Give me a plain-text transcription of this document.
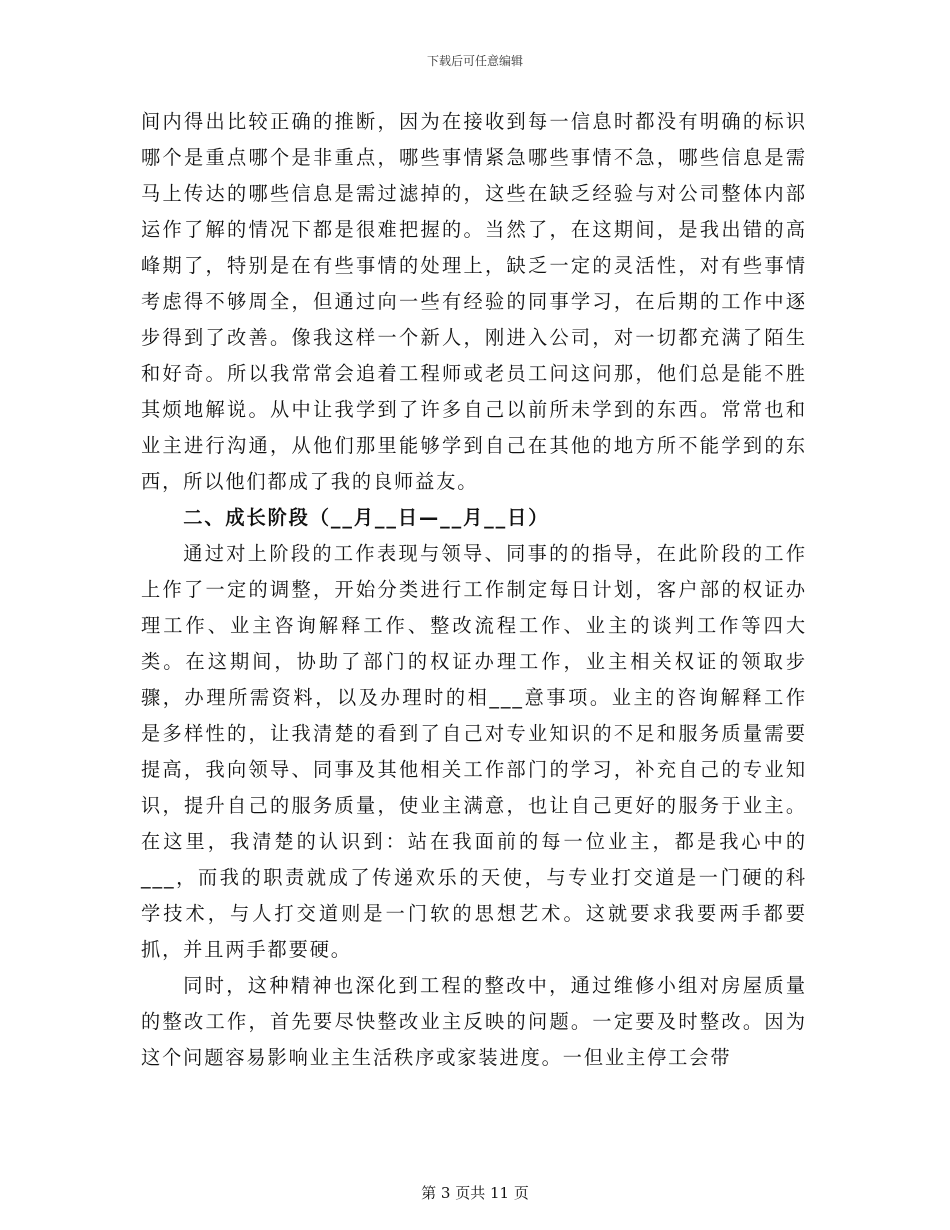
下载后可任意编辑

间内得出比较正确的推断，因为在接收到每一信息时都没有明确的标识哪个是重点哪个是非重点，哪些事情紧急哪些事情不急，哪些信息是需马上传达的哪些信息是需过滤掉的，这些在缺乏经验与对公司整体内部运作了解的情况下都是很难把握的。当然了，在这期间，是我出错的高峰期了，特别是在有些事情的处理上，缺乏一定的灵活性，对有些事情考虑得不够周全，但通过向一些有经验的同事学习，在后期的工作中逐步得到了改善。像我这样一个新人，刚进入公司，对一切都充满了陌生和好奇。所以我常常会追着工程师或老员工问这问那，他们总是能不胜其烦地解说。从中让我学到了许多自己以前所未学到的东西。常常也和业主进行沟通，从他们那里能够学到自己在其他的地方所不能学到的东西，所以他们都成了我的良师益友。

二、成长阶段（__月__日—__月__日）

通过对上阶段的工作表现与领导、同事的的指导，在此阶段的工作上作了一定的调整，开始分类进行工作制定每日计划，客户部的权证办理工作、业主咨询解释工作、整改流程工作、业主的谈判工作等四大类。在这期间，协助了部门的权证办理工作，业主相关权证的领取步骤，办理所需资料，以及办理时的相___意事项。业主的咨询解释工作是多样性的，让我清楚的看到了自己对专业知识的不足和服务质量需要提高，我向领导、同事及其他相关工作部门的学习，补充自己的专业知识，提升自己的服务质量，使业主满意，也让自己更好的服务于业主。在这里，我清楚的认识到：站在我面前的每一位业主，都是我心中的___，而我的职责就成了传递欢乐的天使，与专业打交道是一门硬的科学技术，与人打交道则是一门软的思想艺术。这就要求我要两手都要抓，并且两手都要硬。

同时，这种精神也深化到工程的整改中，通过维修小组对房屋质量的整改工作，首先要尽快整改业主反映的问题。一定要及时整改。因为这个问题容易影响业主生活秩序或家装进度。一但业主停工会带

第 3 页共 11 页
